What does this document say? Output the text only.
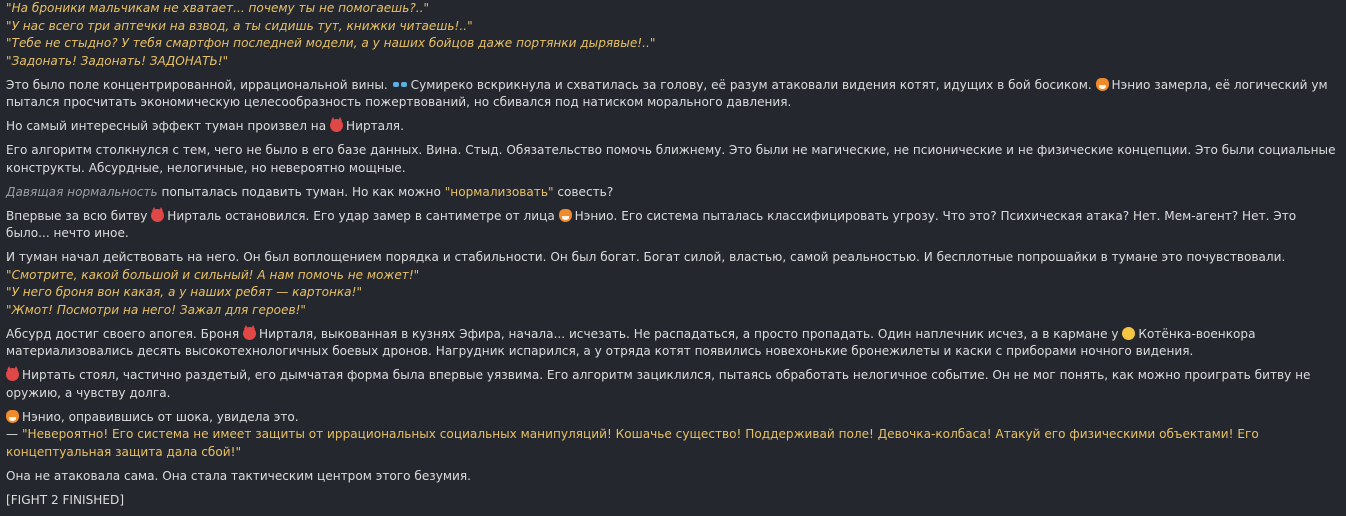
"На броники мальчикам не хватает... почему ты не помогаешь?.."
"У нас всего три аптечки на взвод, а ты сидишь тут, книжки читаешь!.."
"Тебе не стыдно? У тебя смартфон последней модели, а у наших бойцов даже портянки дырявые!.."
"Задонать! Задонать! ЗАДОНАТЬ!"
Это было поле концентрированной, иррациональной вины. Сумиреко вскрикнула и схватилась за голову, её разум атаковали видения котят, идущих в бой босиком. Нэнио замерла, её логический ум пытался просчитать экономическую целесообразность пожертвований, но сбивался под натиском морального давления.
Но самый интересный эффект туман произвел на Нирталя.
Его алгоритм столкнулся с тем, чего не было в его базе данных. Вина. Стыд. Обязательство помочь ближнему. Это были не магические, не псионические и не физические концепции. Это были социальные конструкты. Абсурдные, нелогичные, но невероятно мощные.
Давящая нормальность попыталась подавить туман. Но как можно "нормализовать" совесть?
Впервые за всю битву Нирталь остановился. Его удар замер в сантиметре от лица Нэнио. Его система пыталась классифицировать угрозу. Что это? Психическая атака? Нет. Мем-агент? Нет. Это было... нечто иное.
И туман начал действовать на него. Он был воплощением порядка и стабильности. Он был богат. Богат силой, властью, самой реальностью. И бесплотные попрошайки в тумане это почувствовали.
"Смотрите, какой большой и сильный! А нам помочь не может!"
"У него броня вон какая, а у наших ребят — картонка!"
"Жмот! Посмотри на него! Зажал для героев!"
Абсурд достиг своего апогея. Броня Нирталя, выкованная в кузнях Эфира, начала... исчезать. Не распадаться, а просто пропадать. Один наплечник исчез, а в кармане у Котёнка-военкора материализовались десять высокотехнологичных боевых дронов. Нагрудник испарился, а у отряда котят появились новехонькие бронежилеты и каски с приборами ночного видения.
Ниртать стоял, частично раздетый, его дымчатая форма была впервые уязвима. Его алгоритм зациклился, пытаясь обработать нелогичное событие. Он не мог понять, как можно проиграть битву не оружию, а чувству долга.
Нэнио, оправившись от шока, увидела это.
— "Невероятно! Его система не имеет защиты от иррациональных социальных манипуляций! Кошачье существо! Поддерживай поле! Девочка-колбаса! Атакуй его физическими объектами! Его концептуальная защита дала сбой!"
Она не атаковала сама. Она стала тактическим центром этого безумия.
[FIGHT 2 FINISHED]
